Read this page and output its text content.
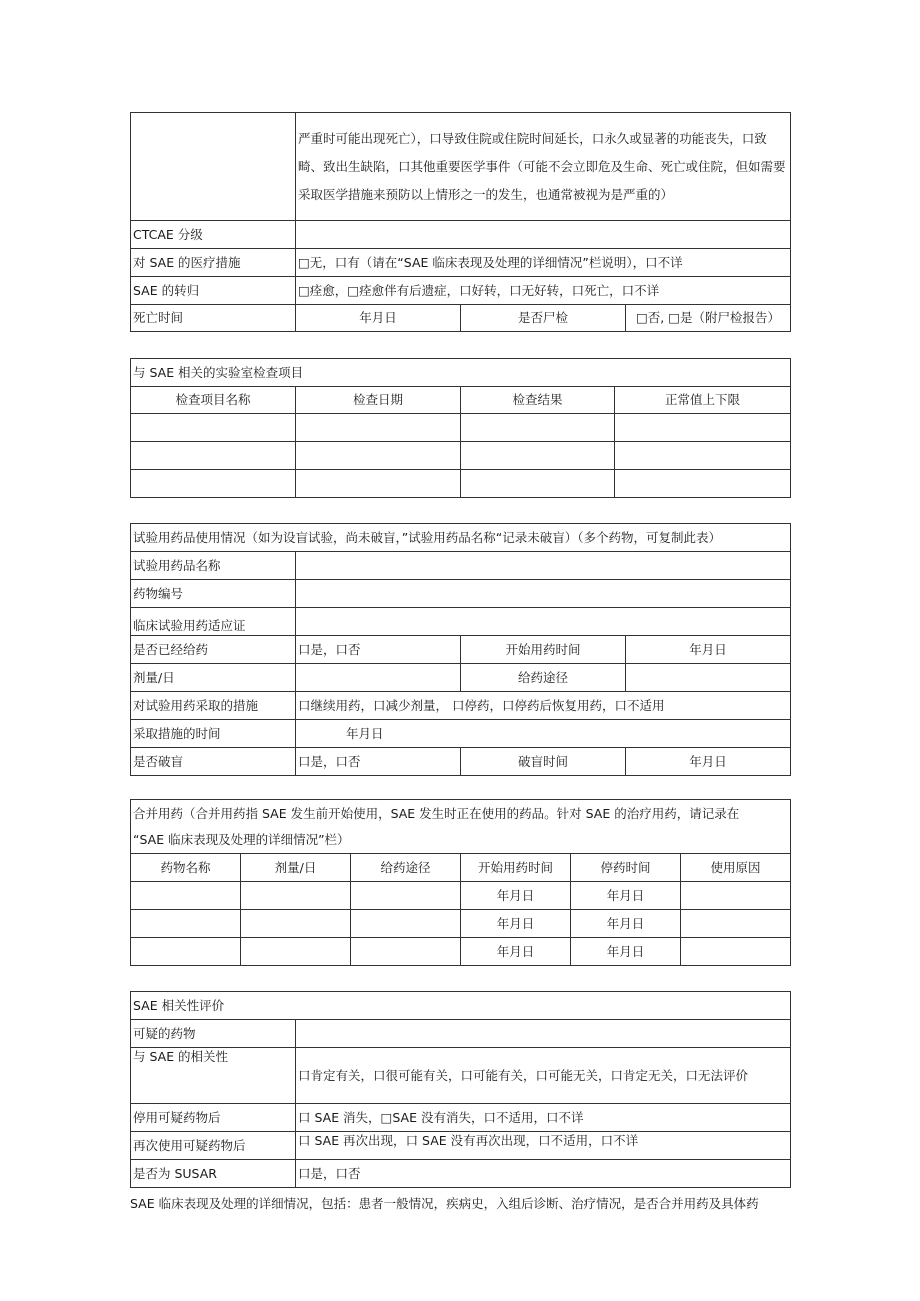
	严重时可能出现死亡），口导致住院或住院时间延长，口永久或显著的功能丧失，口致畸、致出生缺陷，口其他重要医学事件（可能不会立即危及生命、死亡或住院，但如需要采取医学措施来预防以上情形之一的发生，也通常被视为是严重的）		
CTCAE 分级			
对 SAE 的医疗措施	□无，口有（请在“SAE 临床表现及处理的详细情况”栏说明），口不详		
SAE 的转归	□痊愈，□痊愈伴有后遗症，口好转，口无好转，口死亡，口不详		
死亡时间	年月日	是否尸检	□否, □是（附尸检报告）
与 SAE 相关的实验室检查项目			
检查项目名称	检查日期	检查结果	正常值上下限

试验用药品使用情况（如为设盲试验，尚未破盲，”试验用药品名称“记录未破盲）（多个药物，可复制此表）			
试验用药品名称			
药物编号			
临床试验用药适应证			
是否已经给药	口是，口否	开始用药时间	年月日
剂量/日		给药途径	
对试验用药采取的措施	口继续用药，口减少剂量， 口停药，口停药后恢复用药，口不适用		
采取措施的时间	年月日		
是否破盲	口是，口否	破盲时间	年月日
合并用药（合并用药指 SAE 发生前开始使用，SAE 发生时正在使用的药品。针对 SAE 的治疗用药，请记录在
“SAE 临床表现及处理的详细情况”栏）					
药物名称	剂量/日	给药途径	开始用药时间	停药时间	使用原因
			年月日	年月日	
			年月日	年月日	
			年月日	年月日	
SAE 相关性评价	
可疑的药物	
与 SAE 的相关性	口肯定有关，口很可能有关，口可能有关，口可能无关，口肯定无关，口无法评价
停用可疑药物后	口 SAE 消失，□SAE 没有消失，口不适用，口不详
再次使用可疑药物后	口 SAE 再次出现，口 SAE 没有再次出现，口不适用，口不详
是否为 SUSAR	口是，口否
SAE 临床表现及处理的详细情况，包括：患者一般情况，疾病史，入组后诊断、治疗情况，是否合并用药及具体药
